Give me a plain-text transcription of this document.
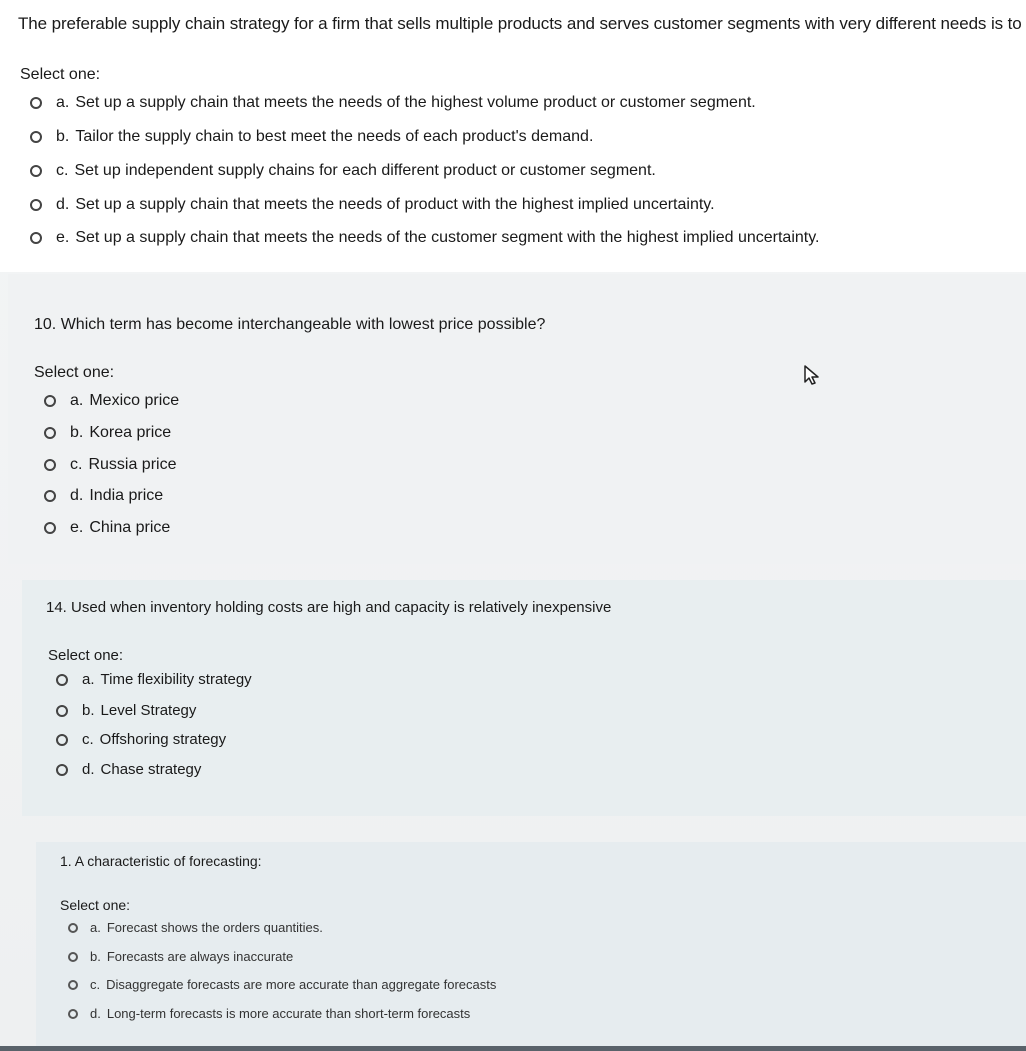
The preferable supply chain strategy for a firm that sells multiple products and serves customer segments with very different needs is to
Select one:
a. Set up a supply chain that meets the needs of the highest volume product or customer segment.
b. Tailor the supply chain to best meet the needs of each product's demand.
c. Set up independent supply chains for each different product or customer segment.
d. Set up a supply chain that meets the needs of product with the highest implied uncertainty.
e. Set up a supply chain that meets the needs of the customer segment with the highest implied uncertainty.
10. Which term has become interchangeable with lowest price possible?
Select one:
a. Mexico price
b. Korea price
c. Russia price
d. India price
e. China price
14. Used when inventory holding costs are high and capacity is relatively inexpensive
Select one:
a. Time flexibility strategy
b. Level Strategy
c. Offshoring strategy
d. Chase strategy
1. A characteristic of forecasting:
Select one:
a. Forecast shows the orders quantities.
b. Forecasts are always inaccurate
c. Disaggregate forecasts are more accurate than aggregate forecasts
d. Long-term forecasts is more accurate than short-term forecasts
